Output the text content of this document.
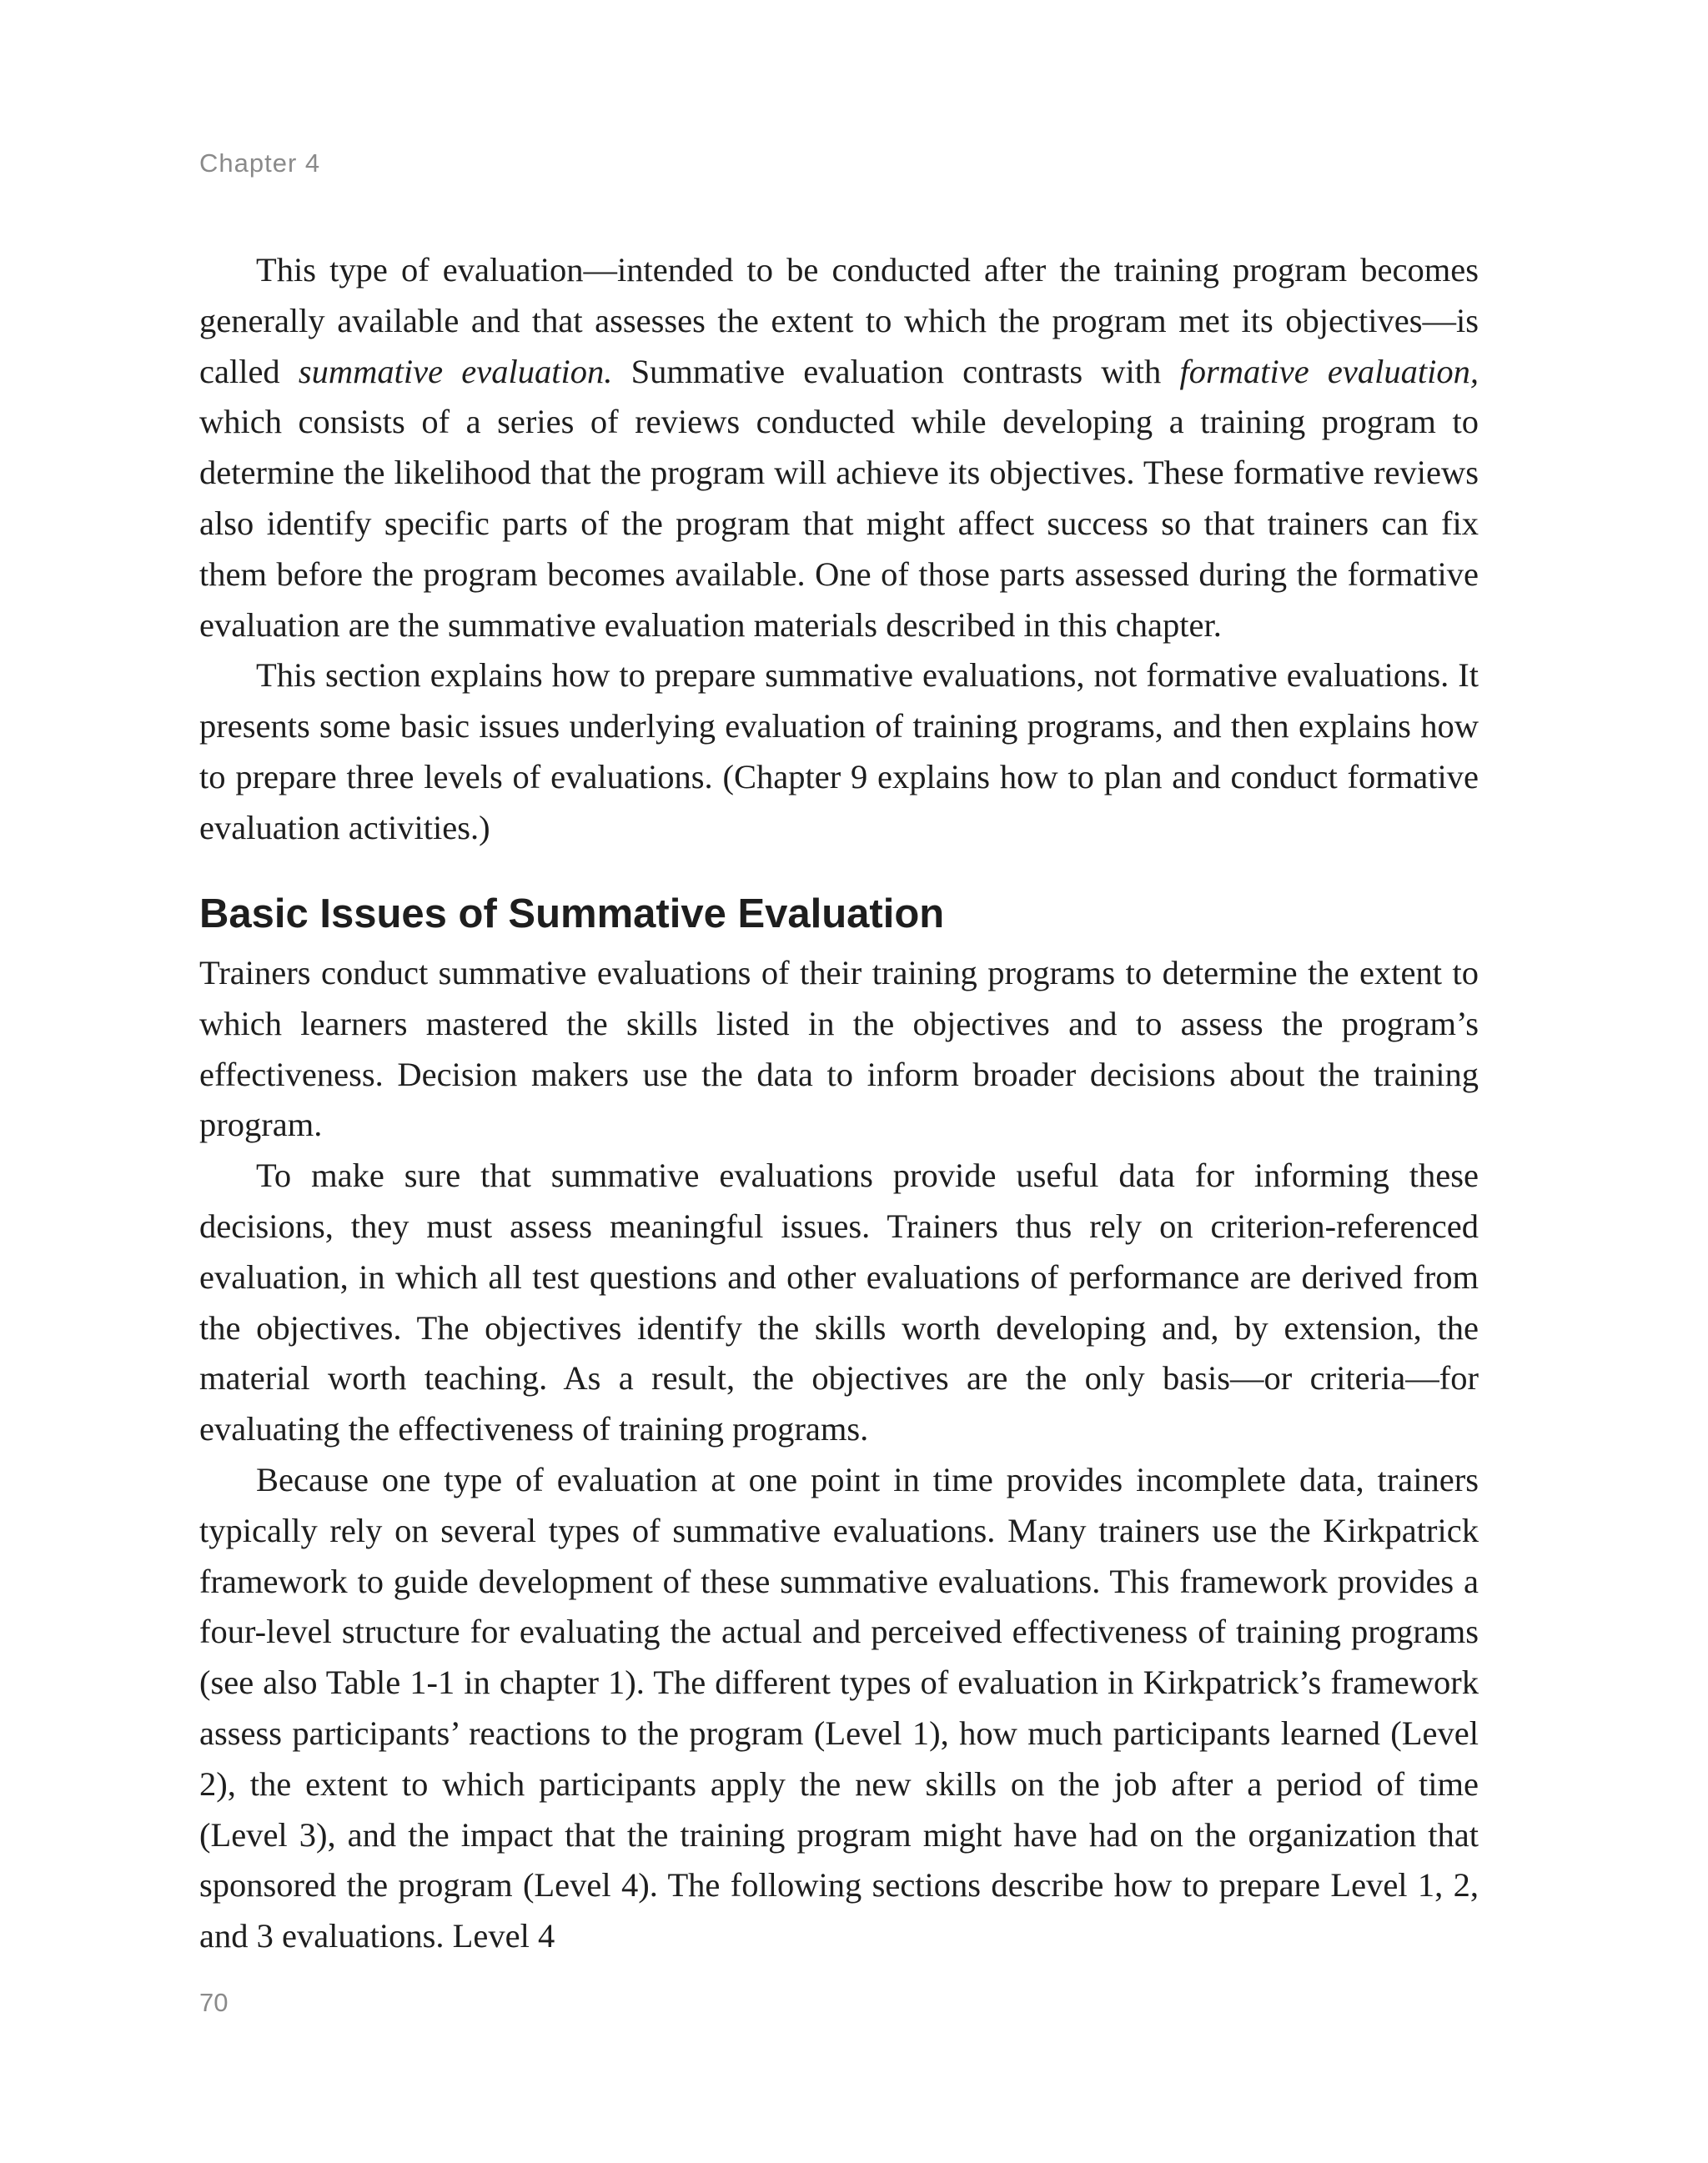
Chapter 4

This type of evaluation—intended to be conducted after the training program becomes generally available and that assesses the extent to which the program met its objectives—is called summative evaluation. Summative evaluation contrasts with formative evaluation, which consists of a series of reviews conducted while developing a training program to determine the likelihood that the program will achieve its objectives. These formative reviews also identify specific parts of the program that might affect success so that trainers can fix them before the program becomes available. One of those parts assessed during the formative evaluation are the summative evaluation materials described in this chapter.

This section explains how to prepare summative evaluations, not formative evaluations. It presents some basic issues underlying evaluation of training programs, and then explains how to prepare three levels of evaluations. (Chapter 9 explains how to plan and conduct formative evaluation activities.)

Basic Issues of Summative Evaluation

Trainers conduct summative evaluations of their training programs to determine the extent to which learners mastered the skills listed in the objectives and to assess the program’s effectiveness. Decision makers use the data to inform broader decisions about the training program.

To make sure that summative evaluations provide useful data for informing these decisions, they must assess meaningful issues. Trainers thus rely on criterion-referenced evaluation, in which all test questions and other evaluations of performance are derived from the objectives. The objectives identify the skills worth developing and, by extension, the material worth teaching. As a result, the objectives are the only basis—or criteria—for evaluating the effectiveness of training programs.

Because one type of evaluation at one point in time provides incomplete data, trainers typically rely on several types of summative evaluations. Many trainers use the Kirkpatrick framework to guide development of these summative evaluations. This framework provides a four-level structure for evaluating the actual and perceived effectiveness of training programs (see also Table 1-1 in chapter 1). The different types of evaluation in Kirkpatrick’s framework assess participants’ reactions to the program (Level 1), how much participants learned (Level 2), the extent to which participants apply the new skills on the job after a period of time (Level 3), and the impact that the training program might have had on the organization that sponsored the program (Level 4). The following sections describe how to prepare Level 1, 2, and 3 evaluations. Level 4

70
